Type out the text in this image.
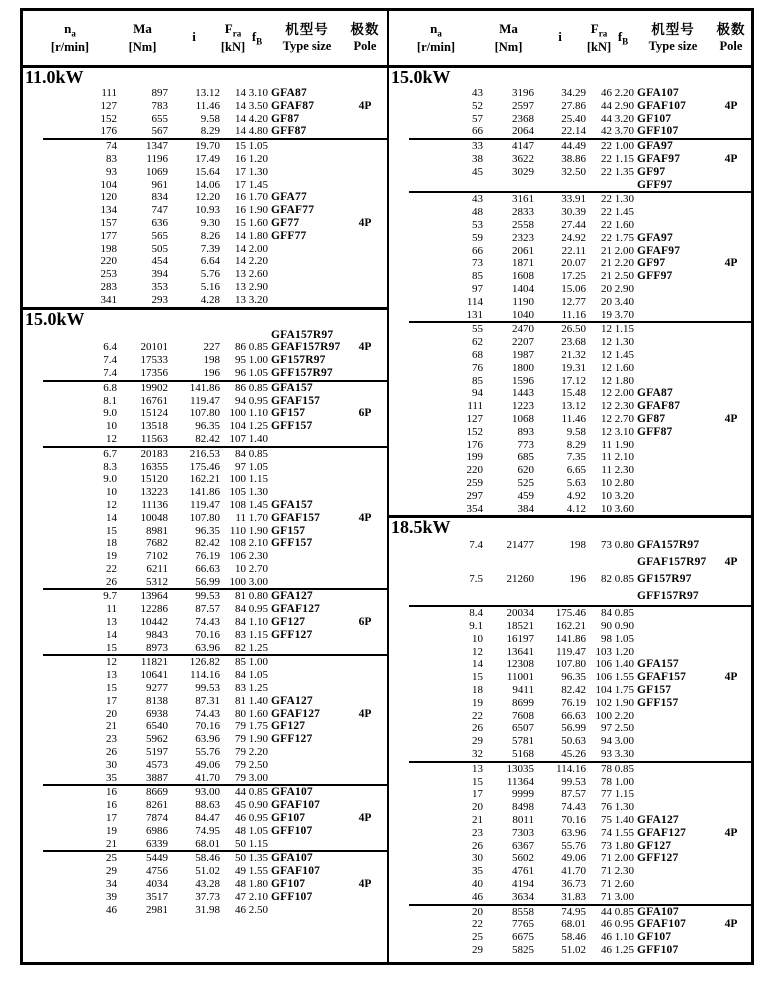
$n_a$
[r/min]
Ma
[Nm]
i	$F_{ra}$
[kN]
$f_B$
机型号
Type size
极数
Pole
11.0kW
111	897	13.12	14 3.10 GFA87
127	783	11.46	14 3.50 GFAF87	4P
152	655	9.58	14 4.20 GF87
176	567	8.29	14 4.80 GFF87
74	1347	19.70	15 1.05
83	1196	17.49	16 1.20
93	1069	15.64	17 1.30
104	961	14.06	17 1.45
120	834	12.20	16 1.70 GFA77
134	747	10.93	16 1.90 GFAF77
157	636	9.30	15 1.60 GF77	4P
177	565	8.26	14 1.80 GFF77
198	505	7.39	14 2.00
220	454	6.64	14 2.20
253	394	5.76	13 2.60
283	353	5.16	13 2.90
341	293	4.28	13 3.20
15.0kW
GFA157R97
6.4	20101	227	86 0.85 GFAF157R97	4P
7.4	17533	198	95 1.00 GF157R97
7.4	17356	196	96 1.05 GFF157R97
6.8	19902	141.86	86 0.85 GFA157
8.1	16761	119.47	94 0.95 GFAF157
9.0	15124	107.80 100 1.10 GF157	6P
10	13518	96.35 104 1.25 GFF157
12	11563	82.42 107 1.40
6.7	20183	216.53	84 0.85
8.3	16355	175.46	97 1.05
9.0	15120	162.21 100 1.15
10	13223	141.86 105 1.30
12	11136	119.47 108 1.45 GFA157
14	10048	107.80	11 1.70 GFAF157	4P
15	8981	96.35 110 1.90 GF157
18	7682	82.42 108 2.10 GFF157
19	7102	76.19 106 2.30
22	6211	66.63	10 2.70
26	5312	56.99 100 3.00
9.7	13964	99.53	81 0.80 GFA127
11	12286	87.57	84 0.95 GFAF127
13	10442	74.43	84 1.10 GF127	6P
14	9843	70.16	83 1.15 GFF127
15	8973	63.96	82 1.25
12	11821	126.82	85 1.00
13	10641	114.16	84 1.05
15	9277	99.53	83 1.25
17	8138	87.31	81 1.40 GFA127
20	6938	74.43	80 1.60 GFAF127	4P
21	6540	70.16	79 1.75 GF127
23	5962	63.96	79 1.90 GFF127
26	5197	55.76	79 2.20
30	4573	49.06	79 2.50
35	3887	41.70	79 3.00
16	8669	93.00	44 0.85 GFA107
16	8261	88.63	45 0.90 GFAF107
17	7874	84.47	46 0.95 GF107	4P
19	6986	74.95	48 1.05 GFF107
21	6339	68.01	50 1.15
25	5449	58.46	50 1.35 GFA107
29	4756	51.02	49 1.55 GFAF107
34	4034	43.28	48 1.80 GF107	4P
39	3517	37.73	47 2.10 GFF107
46	2981	31.98	46 2.50
$n_a$
[r/min]
Ma
[Nm]
i	$F_{ra}$
[kN]
$f_B$
机型号
Type size
极数
Pole
15.0kW
43	3196	34.29	46 2.20 GFA107
52	2597	27.86	44 2.90 GFAF107	4P
57	2368	25.40	44 3.20 GF107
66	2064	22.14	42 3.70 GFF107
33	4147	44.49	22 1.00 GFA97
38	3622	38.86	22 1.15 GFAF97	4P
45	3029	32.50	22 1.35 GF97
GFF97
43	3161	33.91	22 1.30
48	2833	30.39	22 1.45
53	2558	27.44	22 1.60
59	2323	24.92	22 1.75 GFA97
66	2061	22.11	21 2.00 GFAF97
73	1871	20.07	21 2.20 GF97	4P
85	1608	17.25	21 2.50 GFF97
97	1404	15.06	20 2.90
114	1190	12.77	20 3.40
131	1040	11.16	19 3.70
55	2470	26.50	12 1.15
62	2207	23.68	12 1.30
68	1987	21.32	12 1.45
76	1800	19.31	12 1.60
85	1596	17.12	12 1.80
94	1443	15.48	12 2.00 GFA87
111	1223	13.12	12 2.30 GFAF87
127	1068	11.46	12 2.70 GF87	4P
152	893	9.58	12 3.10 GFF87
176	773	8.29	11 1.90
199	685	7.35	11 2.10
220	620	6.65	11 2.30
259	525	5.63	10 2.80
297	459	4.92	10 3.20
354	384	4.12	10 3.60
18.5kW
7.4	21477	198	73 0.80 GFA157R97
GFAF157R97	4P
7.5	21260	196	82 0.85 GF157R97
GFF157R97
8.4	20034	175.46	84 0.85
9.1	18521	162.21	90 0.90
10	16197	141.86	98 1.05
12	13641	119.47 103 1.20
14	12308	107.80 106 1.40 GFA157
15	11001	96.35 106 1.55 GFAF157	4P
18	9411	82.42 104 1.75 GF157
19	8699	76.19 102 1.90 GFF157
22	7608	66.63 100 2.20
26	6507	56.99	97 2.50
29	5781	50.63	94 3.00
32	5168	45.26	93 3.30
13	13035	114.16	78 0.85
15	11364	99.53	78 1.00
17	9999	87.57	77 1.15
20	8498	74.43	76 1.30
21	8011	70.16	75 1.40 GFA127
23	7303	63.96	74 1.55 GFAF127	4P
26	6367	55.76	73 1.80 GF127
30	5602	49.06	71 2.00 GFF127
35	4761	41.70	71 2.30
40	4194	36.73	71 2.60
46	3634	31.83	71 3.00
20	8558	74.95	44 0.85 GFA107
22	7765	68.01	46 0.95 GFAF107	4P
25	6675	58.46	46 1.10 GF107
29	5825	51.02	46 1.25 GFF107
